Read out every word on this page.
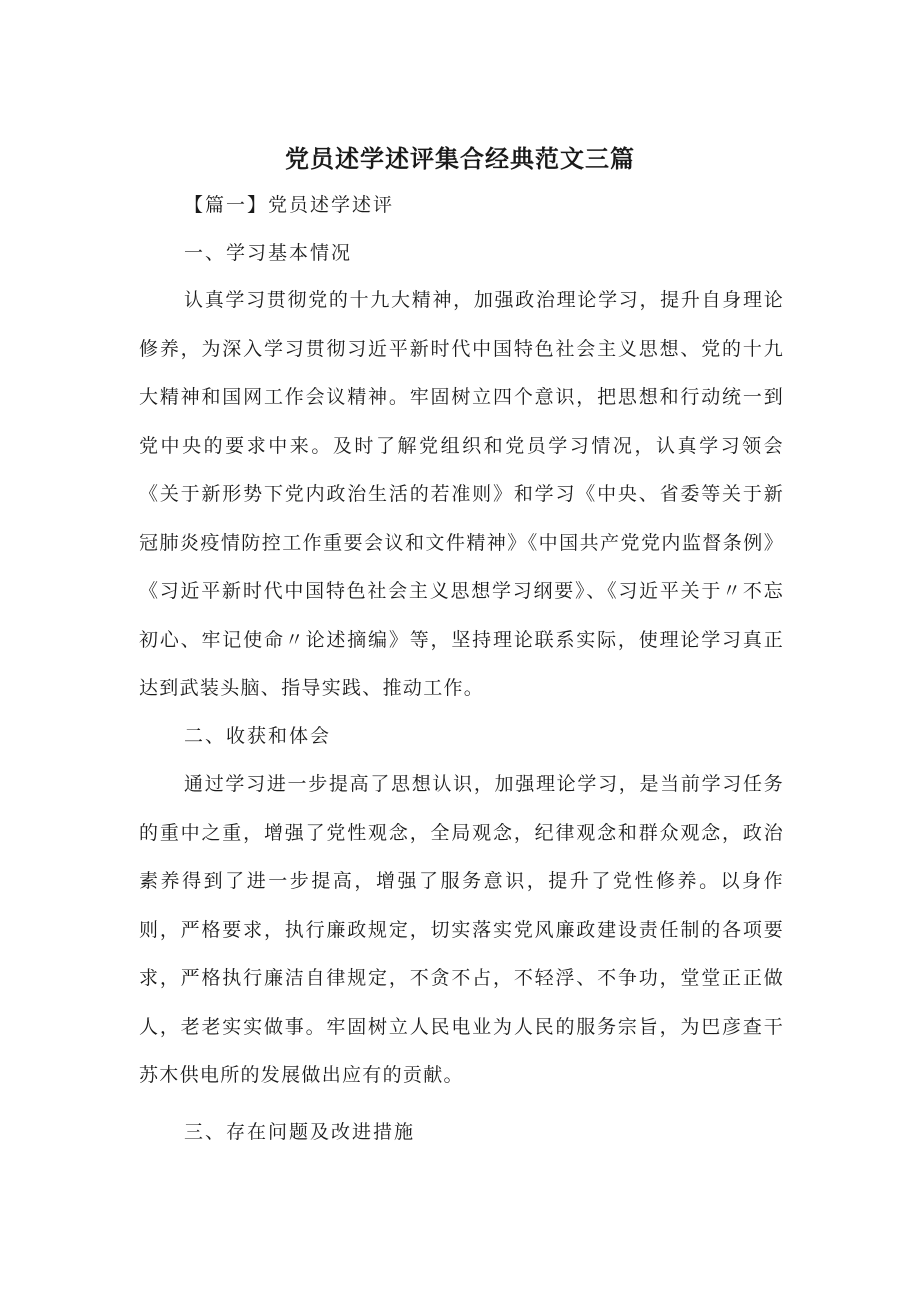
党员述学述评集合经典范文三篇
【篇一】党员述学述评
一、学习基本情况

认真学习贯彻党的十九大精神，加强政治理论学习，提升自身理论修养，为深入学习贯彻习近平新时代中国特色社会主义思想、党的十九大精神和国网工作会议精神。牢固树立四个意识，把思想和行动统一到党中央的要求中来。及时了解党组织和党员学习情况，认真学习领会《关于新形势下党内政治生活的若准则》和学习《中央、省委等关于新冠肺炎疫情防控工作重要会议和文件精神》《中国共产党党内监督条例》《习近平新时代中国特色社会主义思想学习纲要》、《习近平关于〃不忘初心、牢记使命〃论述摘编》等，坚持理论联系实际，使理论学习真正达到武装头脑、指导实践、推动工作。

二、收获和体会

通过学习进一步提高了思想认识，加强理论学习，是当前学习任务的重中之重，增强了党性观念，全局观念，纪律观念和群众观念，政治素养得到了进一步提高，增强了服务意识，提升了党性修养。以身作则，严格要求，执行廉政规定，切实落实党风廉政建设责任制的各项要求，严格执行廉洁自律规定，不贪不占，不轻浮、不争功，堂堂正正做人，老老实实做事。牢固树立人民电业为人民的服务宗旨，为巴彦查干苏木供电所的发展做出应有的贡献。

三、存在问题及改进措施
